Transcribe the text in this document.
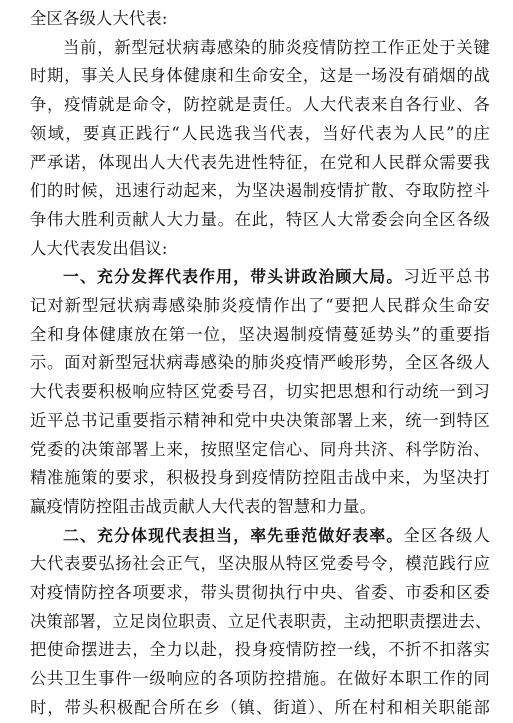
全区各级人大代表:
当前，新型冠状病毒感染的肺炎疫情防控工作正处于关键
时期，事关人民身体健康和生命安全，这是一场没有硝烟的战
争，疫情就是命令，防控就是责任。人大代表来自各行业、各
领域，要真正践行“人民选我当代表，当好代表为人民”的庄
严承诺，体现出人大代表先进性特征，在党和人民群众需要我
们的时候，迅速行动起来，为坚决遏制疫情扩散、夺取防控斗
争伟大胜利贡献人大力量。在此，特区人大常委会向全区各级
人大代表发出倡议:
一、充分发挥代表作用，带头讲政治顾大局。习近平总书
记对新型冠状病毒感染肺炎疫情作出了“要把人民群众生命安
全和身体健康放在第一位，坚决遏制疫情蔓延势头”的重要指
示。面对新型冠状病毒感染的肺炎疫情严峻形势，全区各级人
大代表要积极响应特区党委号召，切实把思想和行动统一到习
近平总书记重要指示精神和党中央决策部署上来，统一到特区
党委的决策部署上来，按照坚定信心、同舟共济、科学防治、
精准施策的要求，积极投身到疫情防控阻击战中来，为坚决打
赢疫情防控阻击战贡献人大代表的智慧和力量。
二、充分体现代表担当，率先垂范做好表率。全区各级人
大代表要弘扬社会正气，坚决服从特区党委号令，模范践行应
对疫情防控各项要求，带头贯彻执行中央、省委、市委和区委
决策部署，立足岗位职责、立足代表职责，主动把职责摆进去、
把使命摆进去，全力以赴，投身疫情防控一线，不折不扣落实
公共卫生事件一级响应的各项防控措施。在做好本职工作的同
时，带头积极配合所在乡（镇、街道）、所在村和相关职能部
